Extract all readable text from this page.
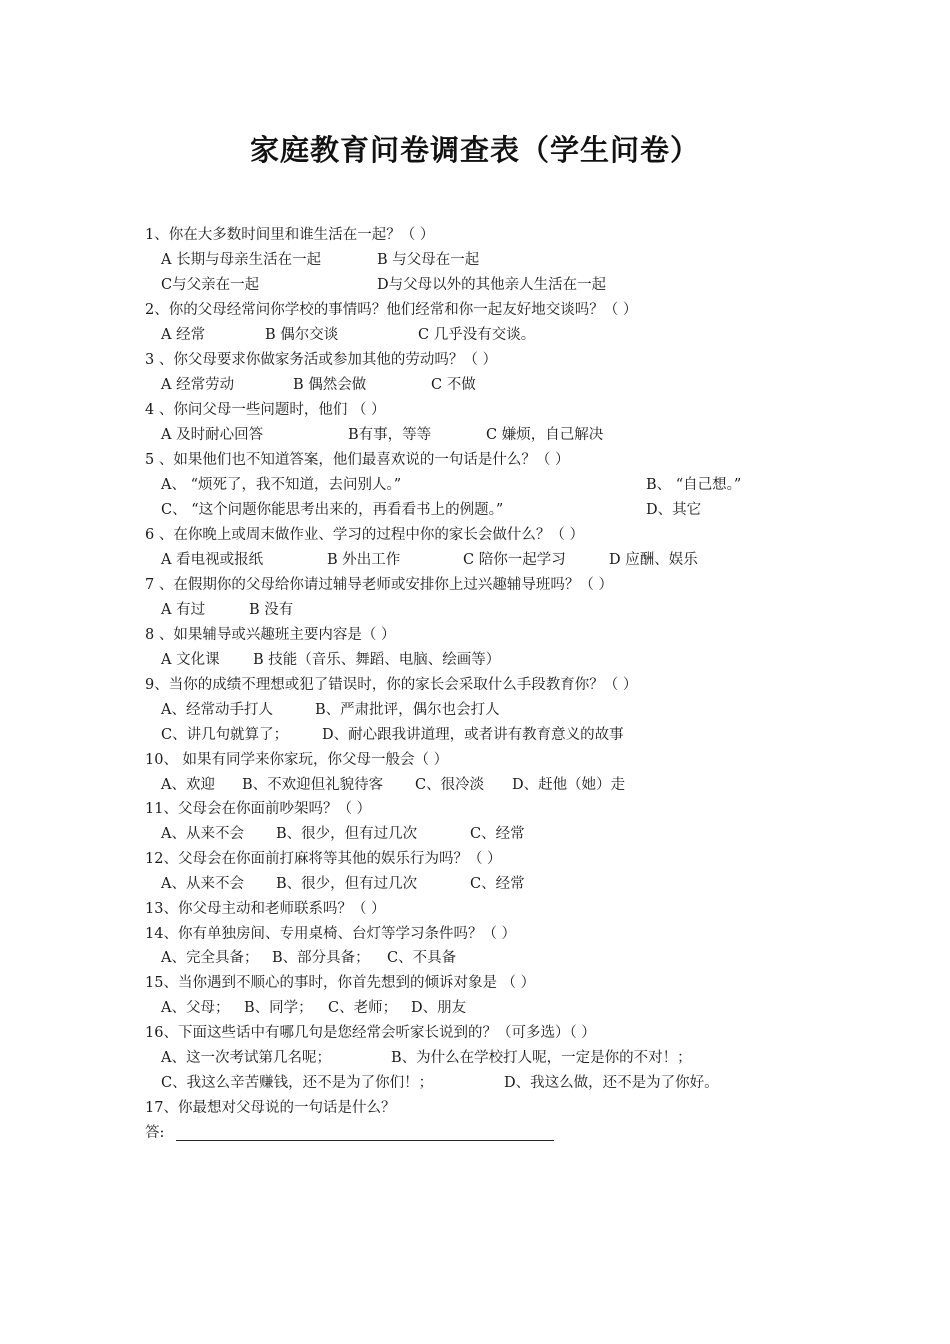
家庭教育问卷调查表（学生问卷）
1、你在大多数时间里和谁生活在一起？（ ）
A 长期与母亲生活在一起	B 与父母在一起
C与父亲在一起	D与父母以外的其他亲人生活在一起
2、你的父母经常问你学校的事情吗？他们经常和你一起友好地交谈吗？（ ）
A 经常	B 偶尔交谈	C 几乎没有交谈。
3 、你父母要求你做家务活或参加其他的劳动吗？（ ）
A 经常劳动	B 偶然会做	C 不做
4 、你问父母一些问题时，他们 （ ）
A 及时耐心回答	B有事，等等	C 嫌烦，自己解决
5 、如果他们也不知道答案，他们最喜欢说的一句话是什么？（ ）
A、 “烦死了，我不知道，去问别人。”	B、 “自己想。”
C、 “这个问题你能思考出来的，再看看书上的例题。”	D、其它
6 、在你晚上或周末做作业、学习的过程中你的家长会做什么？（ ）
A 看电视或报纸	B 外出工作	C 陪你一起学习	D 应酬、娱乐
7 、在假期你的父母给你请过辅导老师或安排你上过兴趣辅导班吗？（ ）
A 有过	B 没有
8 、如果辅导或兴趣班主要内容是（ ）
A 文化课 B 技能（音乐、舞蹈、电脑、绘画等）
9、当你的成绩不理想或犯了错误时，你的家长会采取什么手段教育你？（ ）
A、经常动手打人	B、严肃批评，偶尔也会打人
C、讲几句就算了； D、耐心跟我讲道理，或者讲有教育意义的故事
10、 如果有同学来你家玩，你父母一般会（ ）
A、欢迎 B、不欢迎但礼貌待客 C、很冷淡 D、赶他（她）走
11、父母会在你面前吵架吗？（ ）
A、从来不会 B、很少，但有过几次	C、经常
12、父母会在你面前打麻将等其他的娱乐行为吗？（ ）
A、从来不会 B、很少，但有过几次	C、经常
13、你父母主动和老师联系吗？（ ）
14、你有单独房间、专用桌椅、台灯等学习条件吗？（ ）
A、完全具备； B、部分具备； C、不具备
15、当你遇到不顺心的事时，你首先想到的倾诉对象是 （ ）
A、父母； B、同学； C、老师； D、朋友
16、下面这些话中有哪几句是您经常会听家长说到的？（可多选）（ ）
A、这一次考试第几名呢；	B、为什么在学校打人呢，一定是你的不对！；
C、我这么辛苦赚钱，还不是为了你们！；	D、我这么做，还不是为了你好。
17、你最想对父母说的一句话是什么？
答:
